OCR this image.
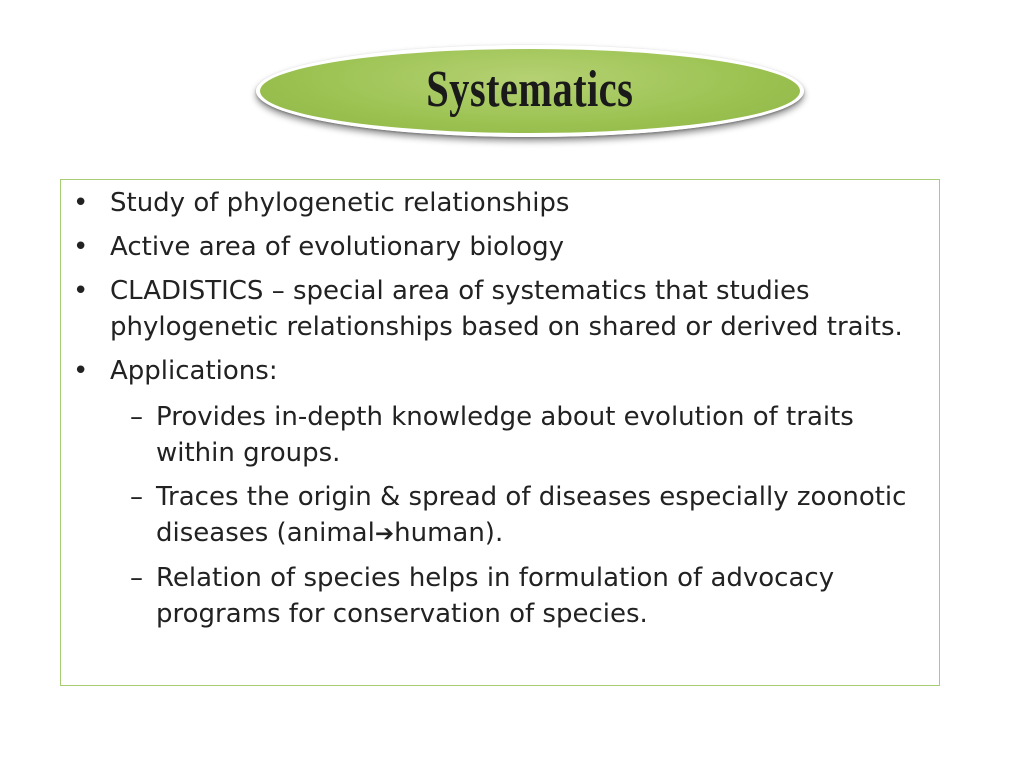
Systematics
• Study of phylogenetic relationships
• Active area of evolutionary biology
• CLADISTICS – special area of systematics that studies phylogenetic relationships based on shared or derived traits.
• Applications:
– Provides in-depth knowledge about evolution of traits within groups.
– Traces the origin & spread of diseases especially zoonotic diseases (animal➔human).
– Relation of species helps in formulation of advocacy programs for conservation of species.
